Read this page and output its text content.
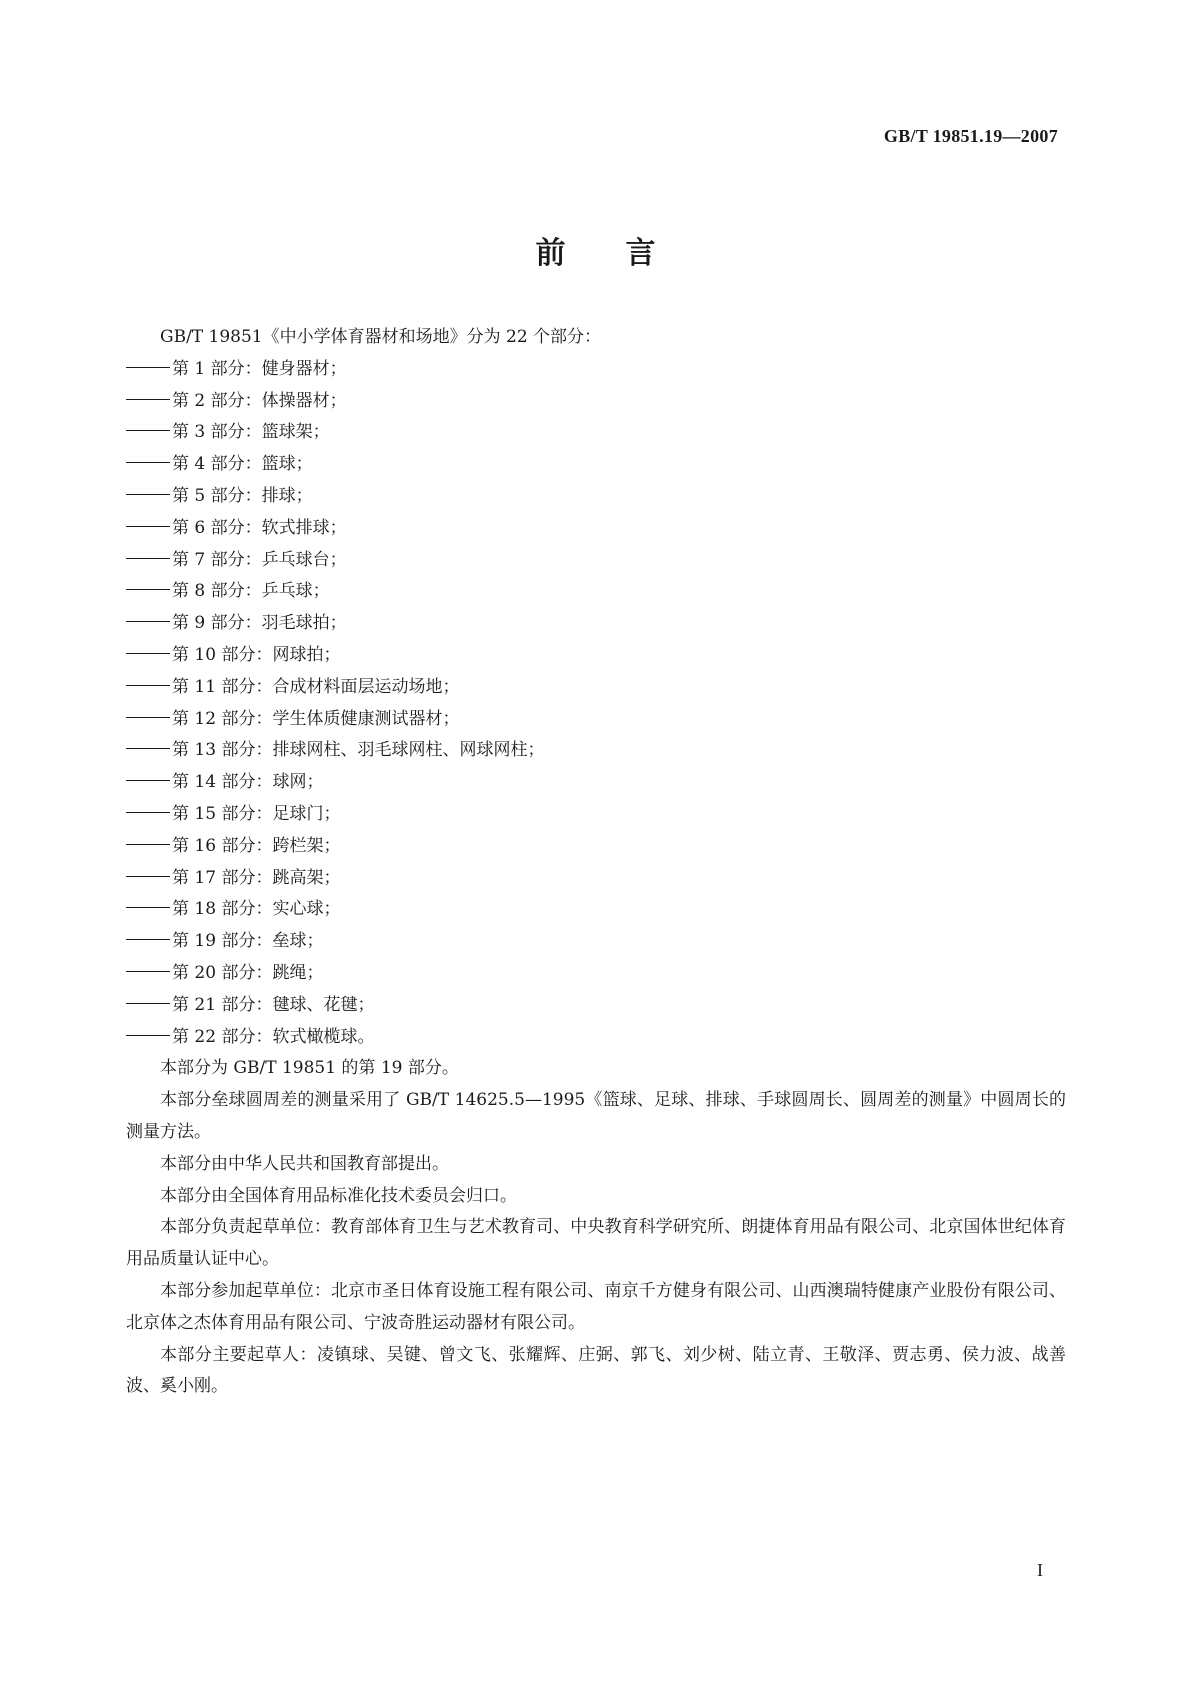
GB/T 19851.19—2007
前言
GB/T 19851《中小学体育器材和场地》分为 22 个部分：
第 1 部分：健身器材；
第 2 部分：体操器材；
第 3 部分：篮球架；
第 4 部分：篮球；
第 5 部分：排球；
第 6 部分：软式排球；
第 7 部分：乒乓球台；
第 8 部分：乒乓球；
第 9 部分：羽毛球拍；
第 10 部分：网球拍；
第 11 部分：合成材料面层运动场地；
第 12 部分：学生体质健康测试器材；
第 13 部分：排球网柱、羽毛球网柱、网球网柱；
第 14 部分：球网；
第 15 部分：足球门；
第 16 部分：跨栏架；
第 17 部分：跳高架；
第 18 部分：实心球；
第 19 部分：垒球；
第 20 部分：跳绳；
第 21 部分：毽球、花毽；
第 22 部分：软式橄榄球。

本部分为 GB/T 19851 的第 19 部分。

本部分垒球圆周差的测量采用了 GB/T 14625.5—1995《篮球、足球、排球、手球圆周长、圆周差的测量》中圆周长的测量方法。

本部分由中华人民共和国教育部提出。

本部分由全国体育用品标准化技术委员会归口。

本部分负责起草单位：教育部体育卫生与艺术教育司、中央教育科学研究所、朗捷体育用品有限公司、北京国体世纪体育用品质量认证中心。

本部分参加起草单位：北京市圣日体育设施工程有限公司、南京千方健身有限公司、山西澳瑞特健康产业股份有限公司、北京体之杰体育用品有限公司、宁波奇胜运动器材有限公司。

本部分主要起草人：凌镇球、吴键、曾文飞、张耀辉、庄弼、郭飞、刘少树、陆立青、王敬泽、贾志勇、侯力波、战善波、奚小刚。

I
